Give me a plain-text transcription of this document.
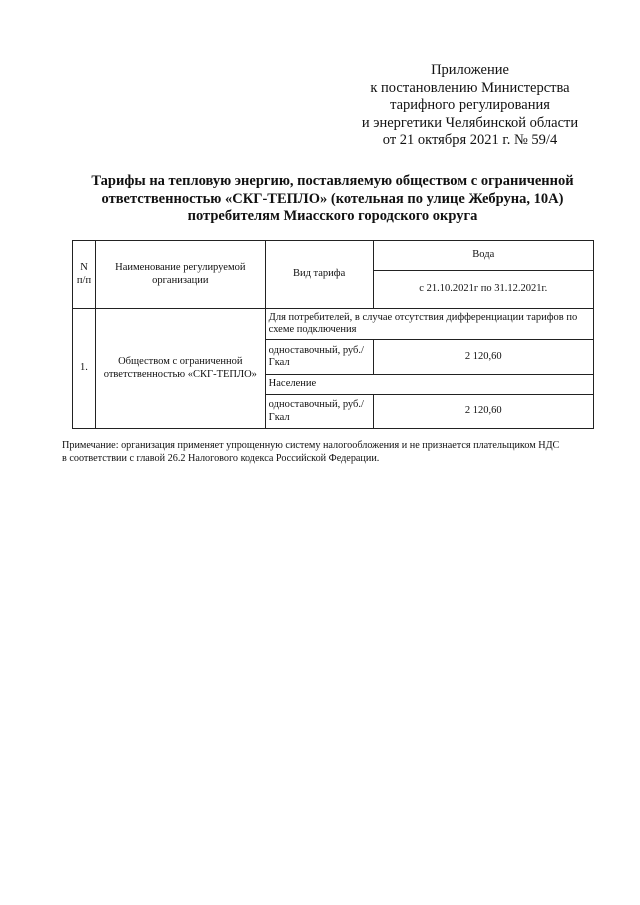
Приложение
к постановлению Министерства
тарифного регулирования
и энергетики Челябинской области
от 21 октября 2021 г. № 59/4
Тарифы на тепловую энергию, поставляемую обществом с ограниченной
ответственностью «СКГ-ТЕПЛО» (котельная по улице Жебруна, 10А)
потребителям Миасского городского округа
N п/п	Наименование регулируемой организации	Вид тарифа	Вода
			с 21.10.2021г по 31.12.2021г.
1.	Обществом с ограниченной ответственностью «СКГ-ТЕПЛО»	Для потребителей, в случае отсутствия дифференциации тарифов по схеме подключения	
		одноставочный, руб./Гкал	2 120,60
		Население	
		одноставочный, руб./Гкал	2 120,60
Примечание: организация применяет упрощенную систему налогообложения и не признается плательщиком НДС
в соответствии с главой 26.2 Налогового кодекса Российской Федерации.
